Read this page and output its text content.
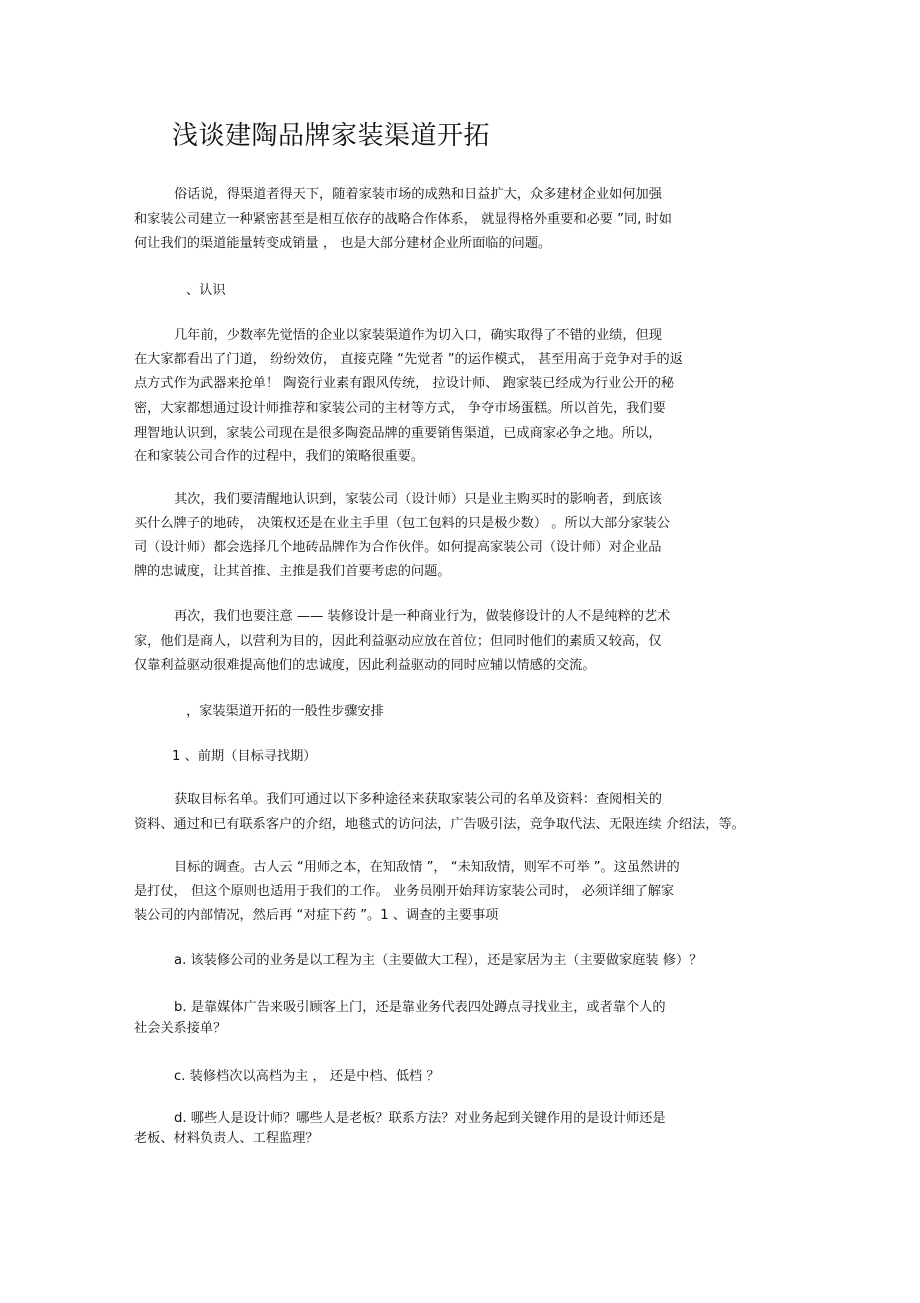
浅谈建陶品牌家装渠道开拓
俗话说，得渠道者得天下，随着家装市场的成熟和日益扩大，众多建材企业如何加强
和家装公司建立一种紧密甚至是相互依存的战略合作体系， 就显得格外重要和必要 ”同, 时如
何让我们的渠道能量转变成销量 ， 也是大部分建材企业所面临的问题。
、认识
几年前，少数率先觉悟的企业以家装渠道作为切入口，确实取得了不错的业绩，但现
在大家都看出了门道， 纷纷效仿， 直接克隆 “先觉者 ”的运作模式， 甚至用高于竞争对手的返
点方式作为武器来抢单！ 陶瓷行业素有跟风传统， 拉设计师、 跑家装已经成为行业公开的秘
密，大家都想通过设计师推荐和家装公司的主材等方式， 争夺市场蛋糕。所以首先，我们要
理智地认识到，家装公司现在是很多陶瓷品牌的重要销售渠道，已成商家必争之地。所以，
在和家装公司合作的过程中，我们的策略很重要。
其次，我们要清醒地认识到，家装公司（设计师）只是业主购买时的影响者，到底该
买什么牌子的地砖， 决策权还是在业主手里（包工包料的只是极少数） 。所以大部分家装公
司（设计师）都会选择几个地砖品牌作为合作伙伴。如何提高家装公司（设计师）对企业品
牌的忠诚度，让其首推、主推是我们首要考虑的问题。
再次，我们也要注意 —— 装修设计是一种商业行为，做装修设计的人不是纯粹的艺术
家，他们是商人，以营利为目的，因此利益驱动应放在首位；但同时他们的素质又较高，仅
仅靠利益驱动很难提高他们的忠诚度，因此利益驱动的同时应辅以情感的交流。
，家装渠道开拓的一般性步骤安排
1 、前期（目标寻找期）
获取目标名单。我们可通过以下多种途径来获取家装公司的名单及资料：查阅相关的
资料、通过和已有联系客户的介绍，地毯式的访问法，广告吸引法，竞争取代法、无限连续 介绍法，等。
目标的调查。古人云 “用师之本，在知敌情 ”， “未知敌情，则军不可举 ”。这虽然讲的
是打仗， 但这个原则也适用于我们的工作。 业务员刚开始拜访家装公司时， 必须详细了解家
装公司的内部情况，然后再 “对症下药 ”。1 、调查的主要事项
a. 该装修公司的业务是以工程为主（主要做大工程），还是家居为主（主要做家庭装 修）？
b. 是靠媒体广告来吸引顾客上门，还是靠业务代表四处蹲点寻找业主，或者靠个人的
社会关系接单？
c. 装修档次以高档为主 ， 还是中档、低档 ？
d. 哪些人是设计师？哪些人是老板？联系方法？对业务起到关键作用的是设计师还是
老板、材料负责人、工程监理？
